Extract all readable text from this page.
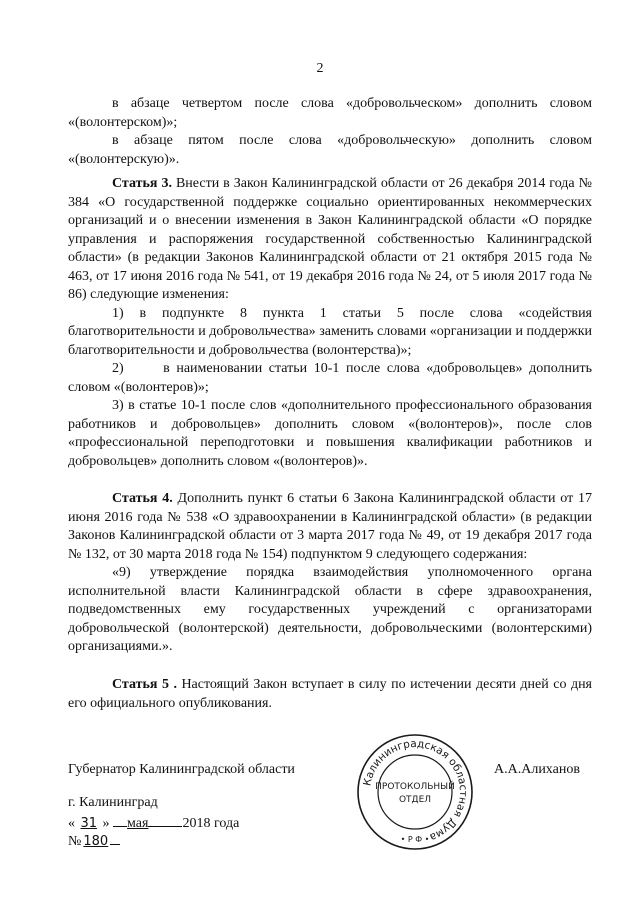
2

в абзаце четвертом после слова «добровольческом» дополнить словом «(волонтерском)»;

в абзаце пятом после слова «добровольческую» дополнить словом «(волонтерскую)».

Статья 3. Внести в Закон Калининградской области от 26 декабря 2014 года № 384 «О государственной поддержке социально ориентированных некоммерческих организаций и о внесении изменения в Закон Калининградской области «О порядке управления и распоряжения государственной собственностью Калининградской области» (в редакции Законов Калининградской области от 21 октября 2015 года № 463, от 17 июня 2016 года № 541, от 19 декабря 2016 года № 24, от 5 июля 2017 года № 86) следующие изменения:

1) в подпункте 8 пункта 1 статьи 5 после слова «содействия благотворительности и добровольчества» заменить словами «организации и поддержки благотворительности и добровольчества (волонтерства)»;

2)      в наименовании статьи 10-1 после слова «добровольцев» дополнить словом «(волонтеров)»;

3) в статье 10-1 после слов «дополнительного профессионального образования работников и добровольцев» дополнить словом «(волонтеров)», после слов «профессиональной переподготовки и повышения квалификации работников и добровольцев» дополнить словом «(волонтеров)».

Статья 4. Дополнить пункт 6 статьи 6 Закона Калининградской области от 17 июня 2016 года № 538 «О здравоохранении в Калининградской области» (в редакции Законов Калининградской области от 3 марта 2017 года № 49, от 19 декабря 2017 года № 132, от 30 марта 2018 года № 154) подпунктом 9 следующего содержания:

«9) утверждение порядка взаимодействия уполномоченного органа исполнительной власти Калининградской области в сфере здравоохранения, подведомственных ему государственных учреждений с организаторами добровольческой (волонтерской) деятельности, добровольческими (волонтерскими) организациями.».

Статья 5 . Настоящий Закон вступает в силу по истечении десяти дней со дня его официального опубликования.

Губернатор Калининградской области	А.А.Алиханов
Калининградская областная Дума
ПРОТОКОЛЬНЫЙ
ОТДЕЛ
• Р Ф •
г. Калининград
« 31 » мая 2018 года
№ 180
